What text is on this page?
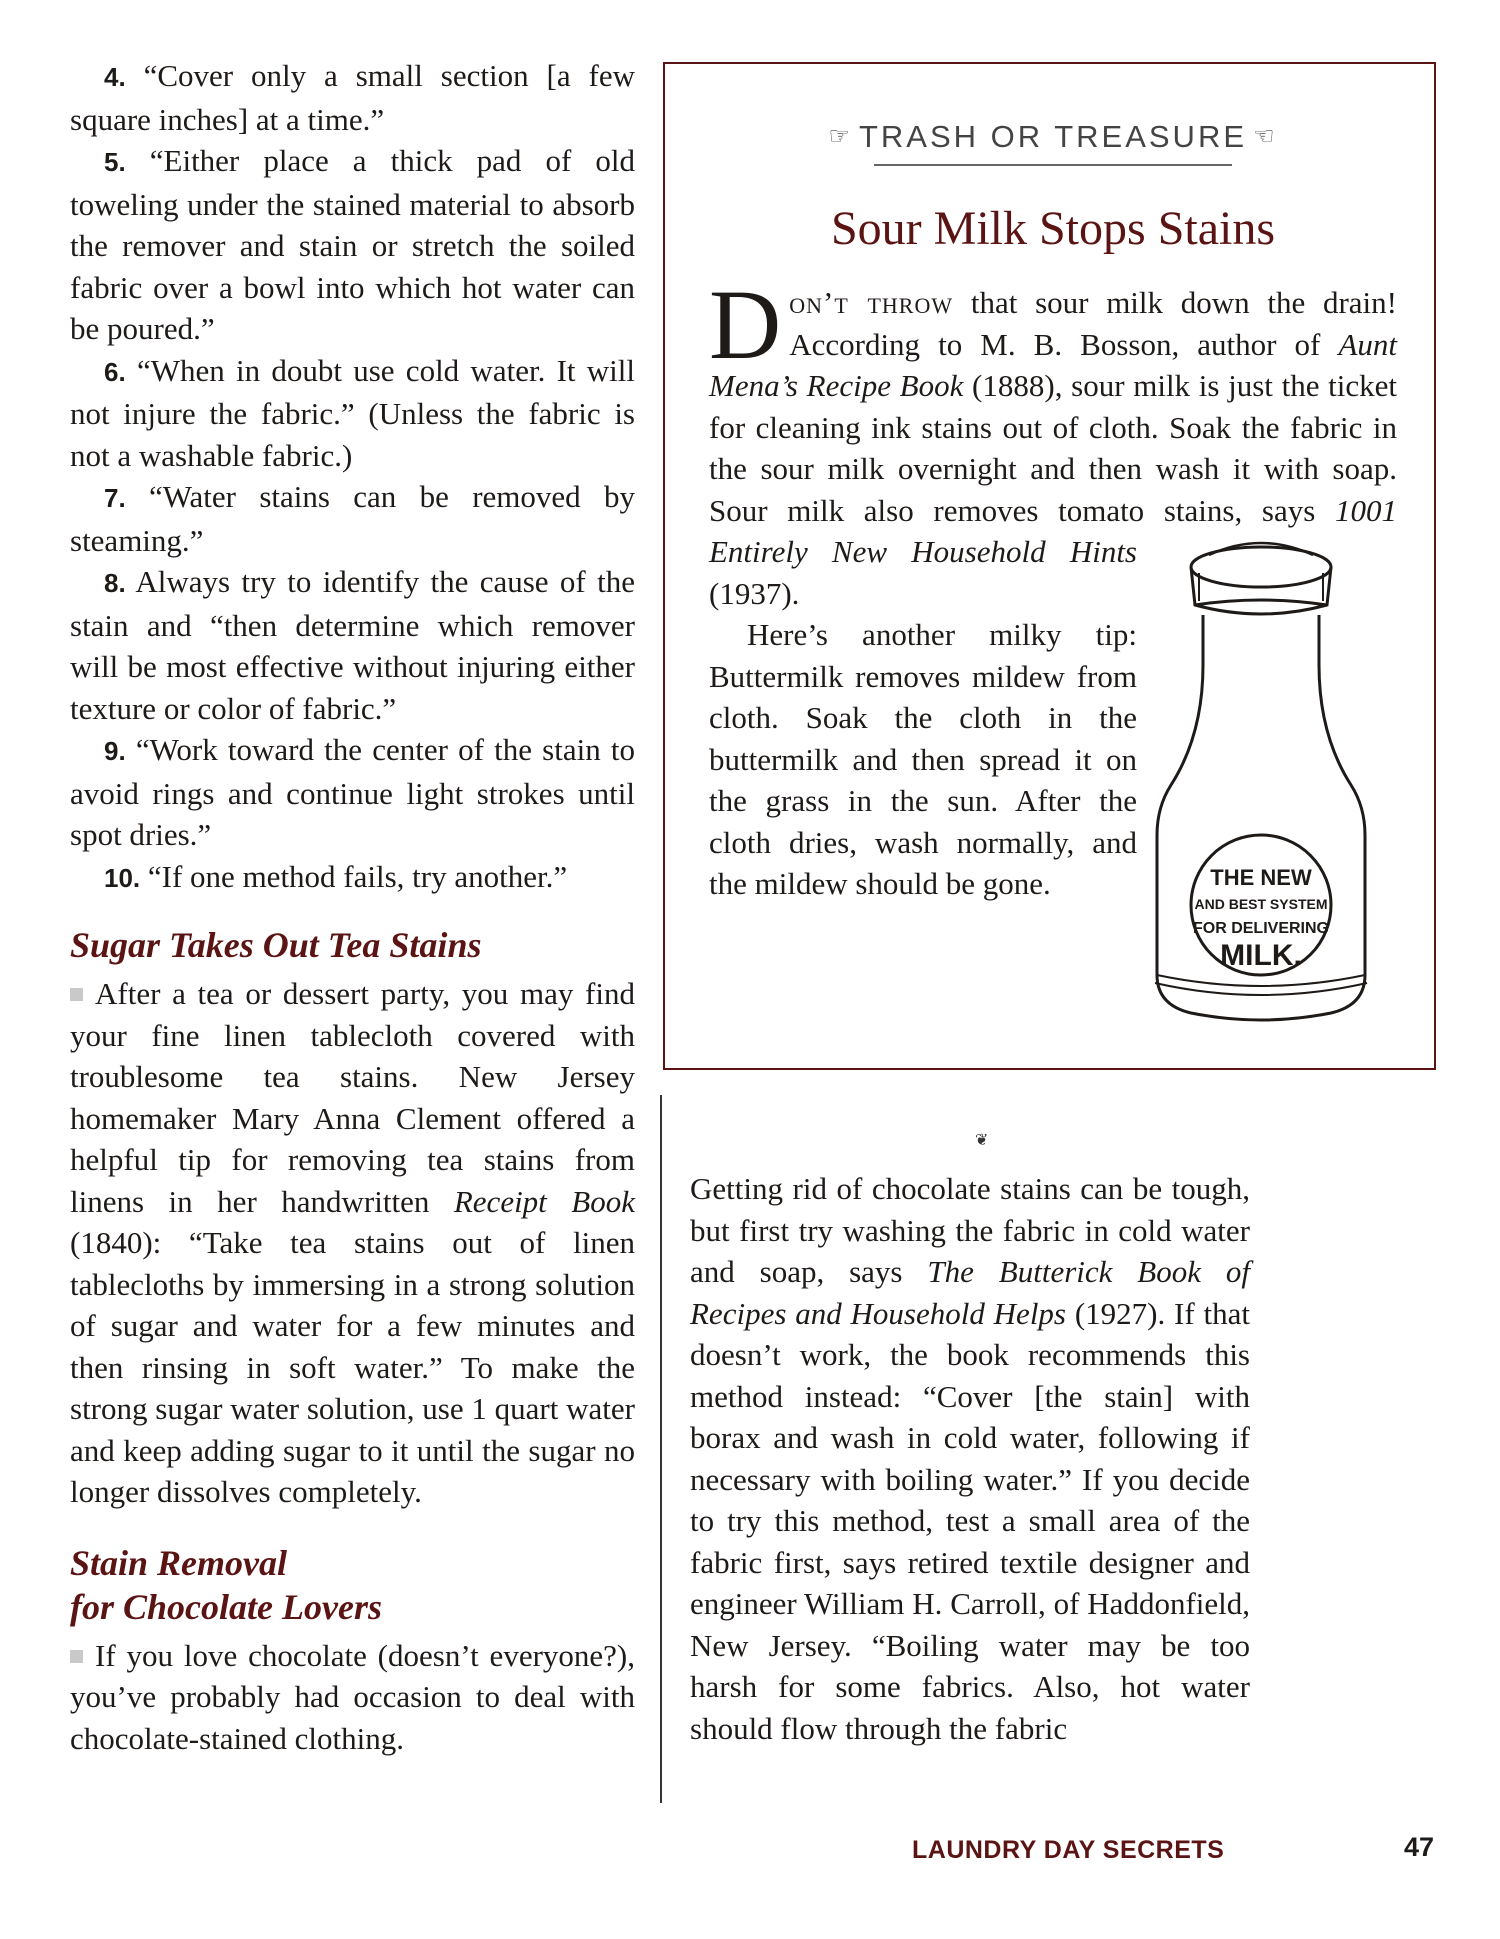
4. “Cover only a small section [a few square inches] at a time.”

5. “Either place a thick pad of old toweling under the stained material to absorb the remover and stain or stretch the soiled fabric over a bowl into which hot water can be poured.”

6. “When in doubt use cold water. It will not injure the fabric.” (Unless the fabric is not a washable fabric.)

7. “Water stains can be removed by steaming.”

8. Always try to identify the cause of the stain and “then determine which remover will be most effective without injuring either texture or color of fabric.”

9. “Work toward the center of the stain to avoid rings and continue light strokes until spot dries.”

10. “If one method fails, try another.”

Sugar Takes Out Tea Stains
After a tea or dessert party, you may find your fine linen tablecloth covered with troublesome tea stains. New Jersey homemaker Mary Anna Clement offered a helpful tip for removing tea stains from linens in her handwritten Receipt Book (1840): “Take tea stains out of linen tablecloths by immersing in a strong solution of sugar and water for a few minutes and then rinsing in soft water.” To make the strong sugar water solution, use 1 quart water and keep adding sugar to it until the sugar no longer dissolves completely.
Stain Removal
for Chocolate Lovers
If you love chocolate (doesn’t everyone?), you’ve probably had occasion to deal with chocolate-stained clothing.
☞ TRASH OR TREASURE ☜
Sour Milk Stops Stains
D on’t throw that sour milk down the drain! According to M. B. Bosson, author of Aunt Mena’s Recipe Book (1888), sour milk is just the ticket for cleaning ink stains out of cloth. Soak the fabric in the sour milk overnight and then wash it with soap. Sour milk also removes tomato stains, says
THE NEW
AND BEST SYSTEM
FOR DELIVERING
MILK.
1001 Entirely New Household Hints (1937).

Here’s another milky tip: Buttermilk removes mildew from cloth. Soak the cloth in the buttermilk and then spread it on the grass in the sun. After the cloth dries, wash normally, and the mildew should be gone.

❦

Getting rid of chocolate stains can be tough, but first try washing the fabric in cold water and soap, says The Butterick Book of Recipes and Household Helps (1927). If that doesn’t work, the book recommends this method instead: “Cover [the stain] with borax and wash in cold water, following if necessary with boiling water.” If you decide to try this method, test a small area of the fabric first, says retired textile designer and engineer William H. Carroll, of Haddonfield, New Jersey. “Boiling water may be too harsh for some fabrics. Also, hot water should flow through the fabric

LAUNDRY DAY SECRETS	47
